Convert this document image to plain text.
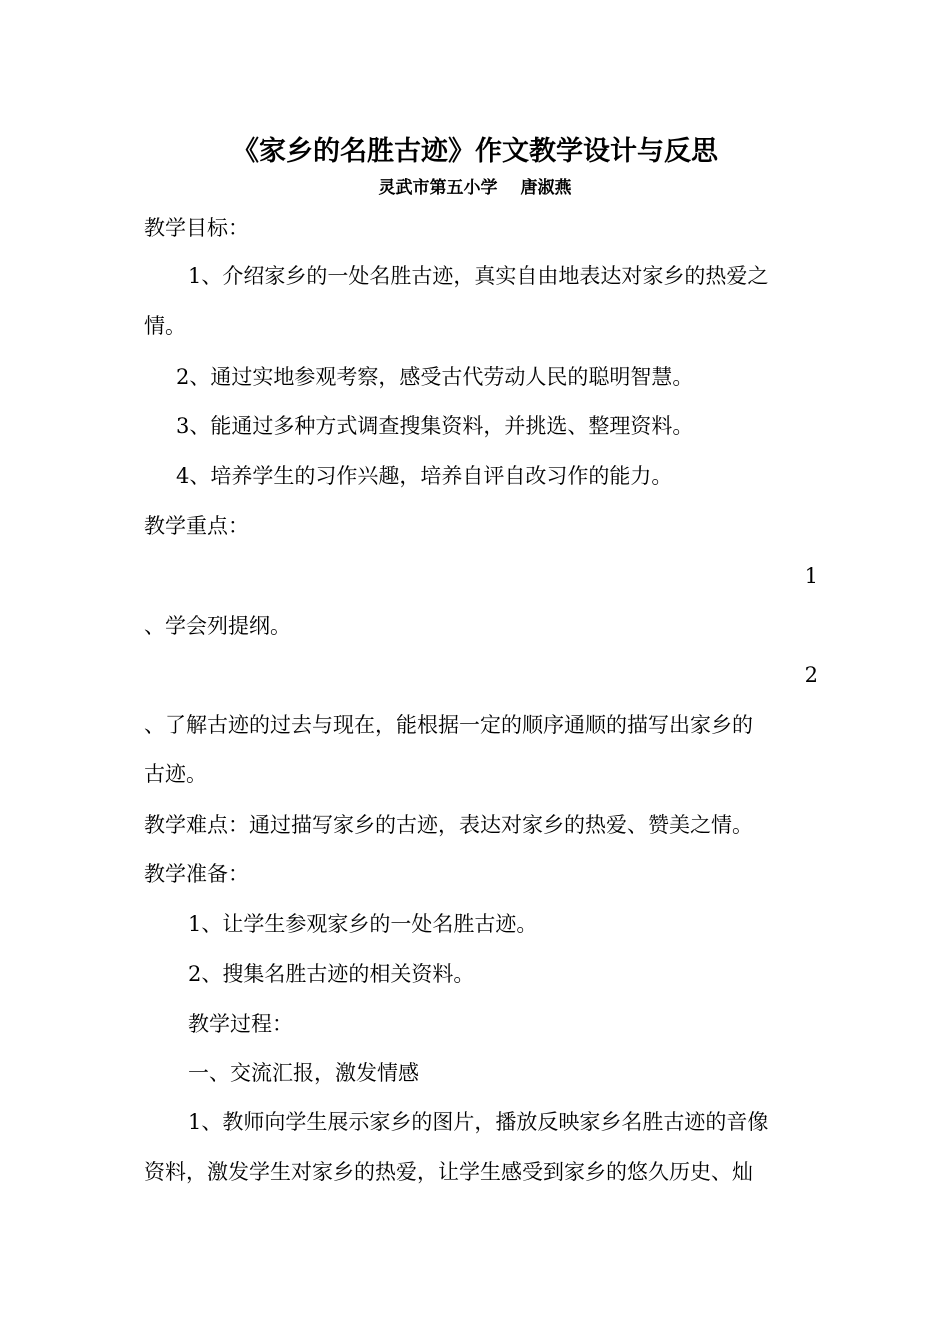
《家乡的名胜古迹》作文教学设计与反思
灵武市第五小学　 唐淑燕
教学目标：
1、介绍家乡的一处名胜古迹，真实自由地表达对家乡的热爱之
情。
2、通过实地参观考察，感受古代劳动人民的聪明智慧。
3、能通过多种方式调查搜集资料，并挑选、整理资料。
4、培养学生的习作兴趣，培养自评自改习作的能力。
教学重点：
1
、学会列提纲。
2
、了解古迹的过去与现在，能根据一定的顺序通顺的描写出家乡的
古迹。
教学难点：通过描写家乡的古迹，表达对家乡的热爱、赞美之情。
教学准备：
1、让学生参观家乡的一处名胜古迹。
2、搜集名胜古迹的相关资料。
教学过程：
一、交流汇报，激发情感
1、教师向学生展示家乡的图片，播放反映家乡名胜古迹的音像
资料，激发学生对家乡的热爱，让学生感受到家乡的悠久历史、灿
